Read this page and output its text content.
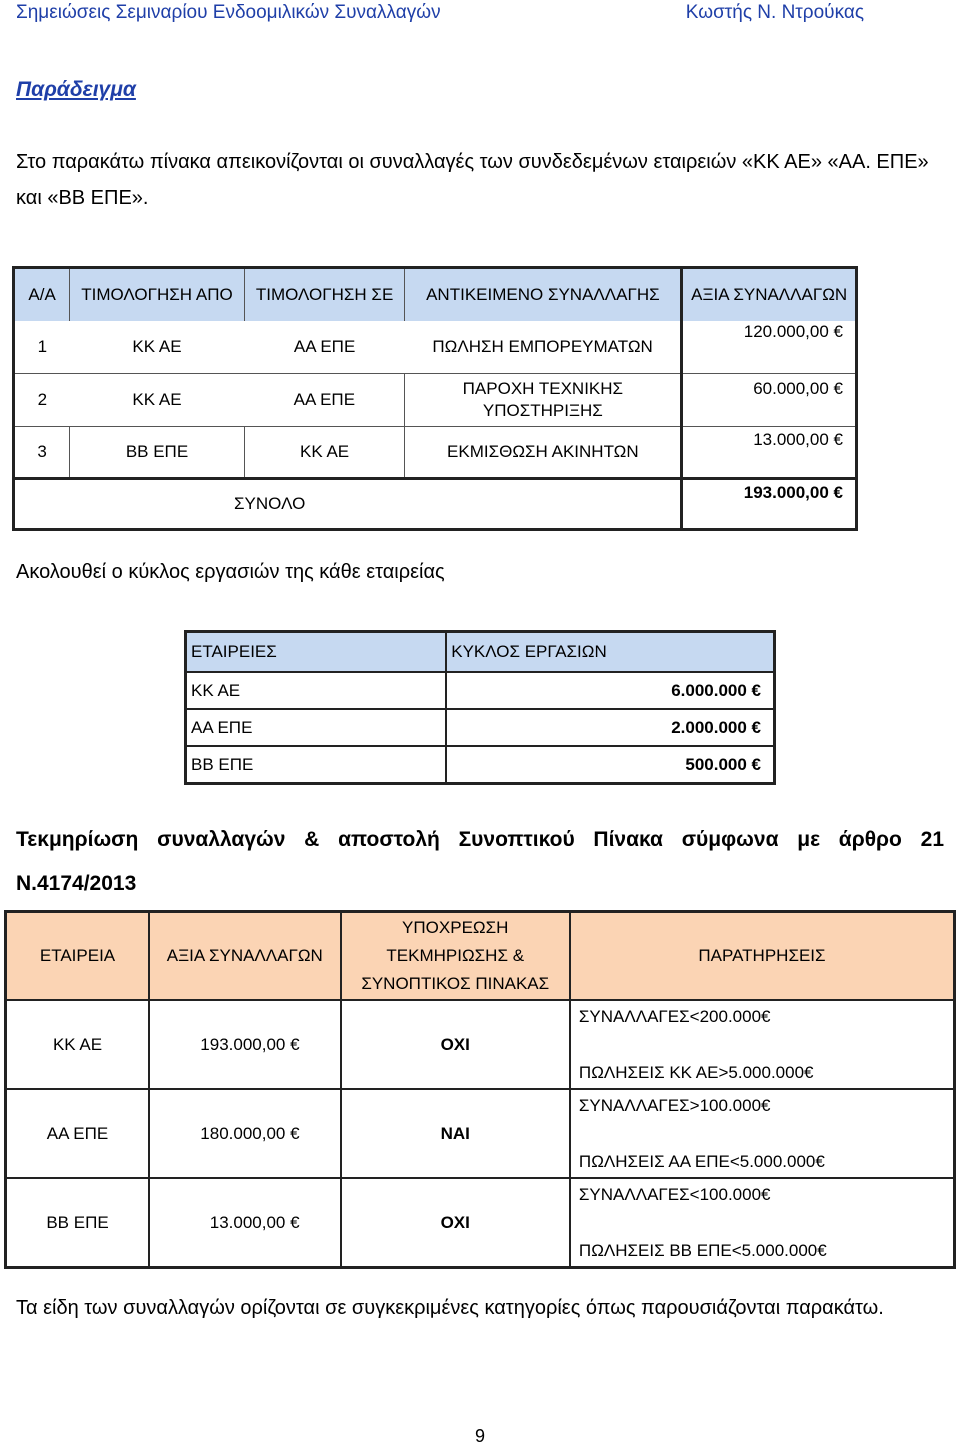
Σημειώσεις Σεμιναρίου Ενδοομιλικών Συναλλαγών	Κωστής Ν. Ντρούκας
Παράδειγμα
Στο παρακάτω πίνακα απεικονίζονται οι συναλλαγές των συνδεδεμένων εταιρειών «ΚΚ ΑΕ» «ΑΑ. ΕΠΕ» και «ΒΒ ΕΠΕ».
Α/Α	ΤΙΜΟΛΟΓΗΣΗ ΑΠΟ	ΤΙΜΟΛΟΓΗΣΗ ΣΕ	ΑΝΤΙΚΕΙΜΕΝΟ ΣΥΝΑΛΛΑΓΗΣ	ΑΞΙΑ ΣΥΝΑΛΛΑΓΩΝ
1	ΚΚ ΑΕ	ΑΑ ΕΠΕ	ΠΩΛΗΣΗ ΕΜΠΟΡΕΥΜΑΤΩΝ	120.000,00 €
2	ΚΚ ΑΕ	ΑΑ ΕΠΕ	ΠΑΡΟΧΗ ΤΕΧΝΙΚΗΣ ΥΠΟΣΤΗΡΙΞΗΣ	60.000,00 €
3	ΒΒ ΕΠΕ	ΚΚ ΑΕ	ΕΚΜΙΣΘΩΣΗ ΑΚΙΝΗΤΩΝ	13.000,00 €
ΣΥΝΟΛΟ				193.000,00 €
Ακολουθεί ο κύκλος εργασιών της κάθε εταιρείας
ΕΤΑΙΡΕΙΕΣ	ΚΥΚΛΟΣ ΕΡΓΑΣΙΩΝ
ΚΚ ΑΕ	6.000.000 €
ΑΑ ΕΠΕ	2.000.000 €
ΒΒ ΕΠΕ	500.000 €
Τεκμηρίωση συναλλαγών & αποστολή Συνοπτικού Πίνακα σύμφωνα με άρθρο 21 Ν.4174/2013
ΕΤΑΙΡΕΙΑ	ΑΞΙΑ ΣΥΝΑΛΛΑΓΩΝ	ΥΠΟΧΡΕΩΣΗ ΤΕΚΜΗΡΙΩΣΗΣ & ΣΥΝΟΠΤΙΚΟΣ ΠΙΝΑΚΑΣ	ΠΑΡΑΤΗΡΗΣΕΙΣ
ΚΚ ΑΕ	193.000,00 €	ΟΧΙ	ΣΥΝΑΛΛΑΓΕΣ<200.000€
ΠΩΛΗΣΕΙΣ ΚΚ ΑΕ>5.000.000€

ΑΑ ΕΠΕ	180.000,00 €	ΝΑΙ	ΣΥΝΑΛΛΑΓΕΣ>100.000€
ΠΩΛΗΣΕΙΣ ΑΑ ΕΠΕ<5.000.000€

ΒΒ ΕΠΕ	13.000,00 €	ΟΧΙ	ΣΥΝΑΛΛΑΓΕΣ<100.000€
ΠΩΛΗΣΕΙΣ ΒΒ ΕΠΕ<5.000.000€
Τα είδη των συναλλαγών ορίζονται σε συγκεκριμένες κατηγορίες όπως παρουσιάζονται παρακάτω.
9
